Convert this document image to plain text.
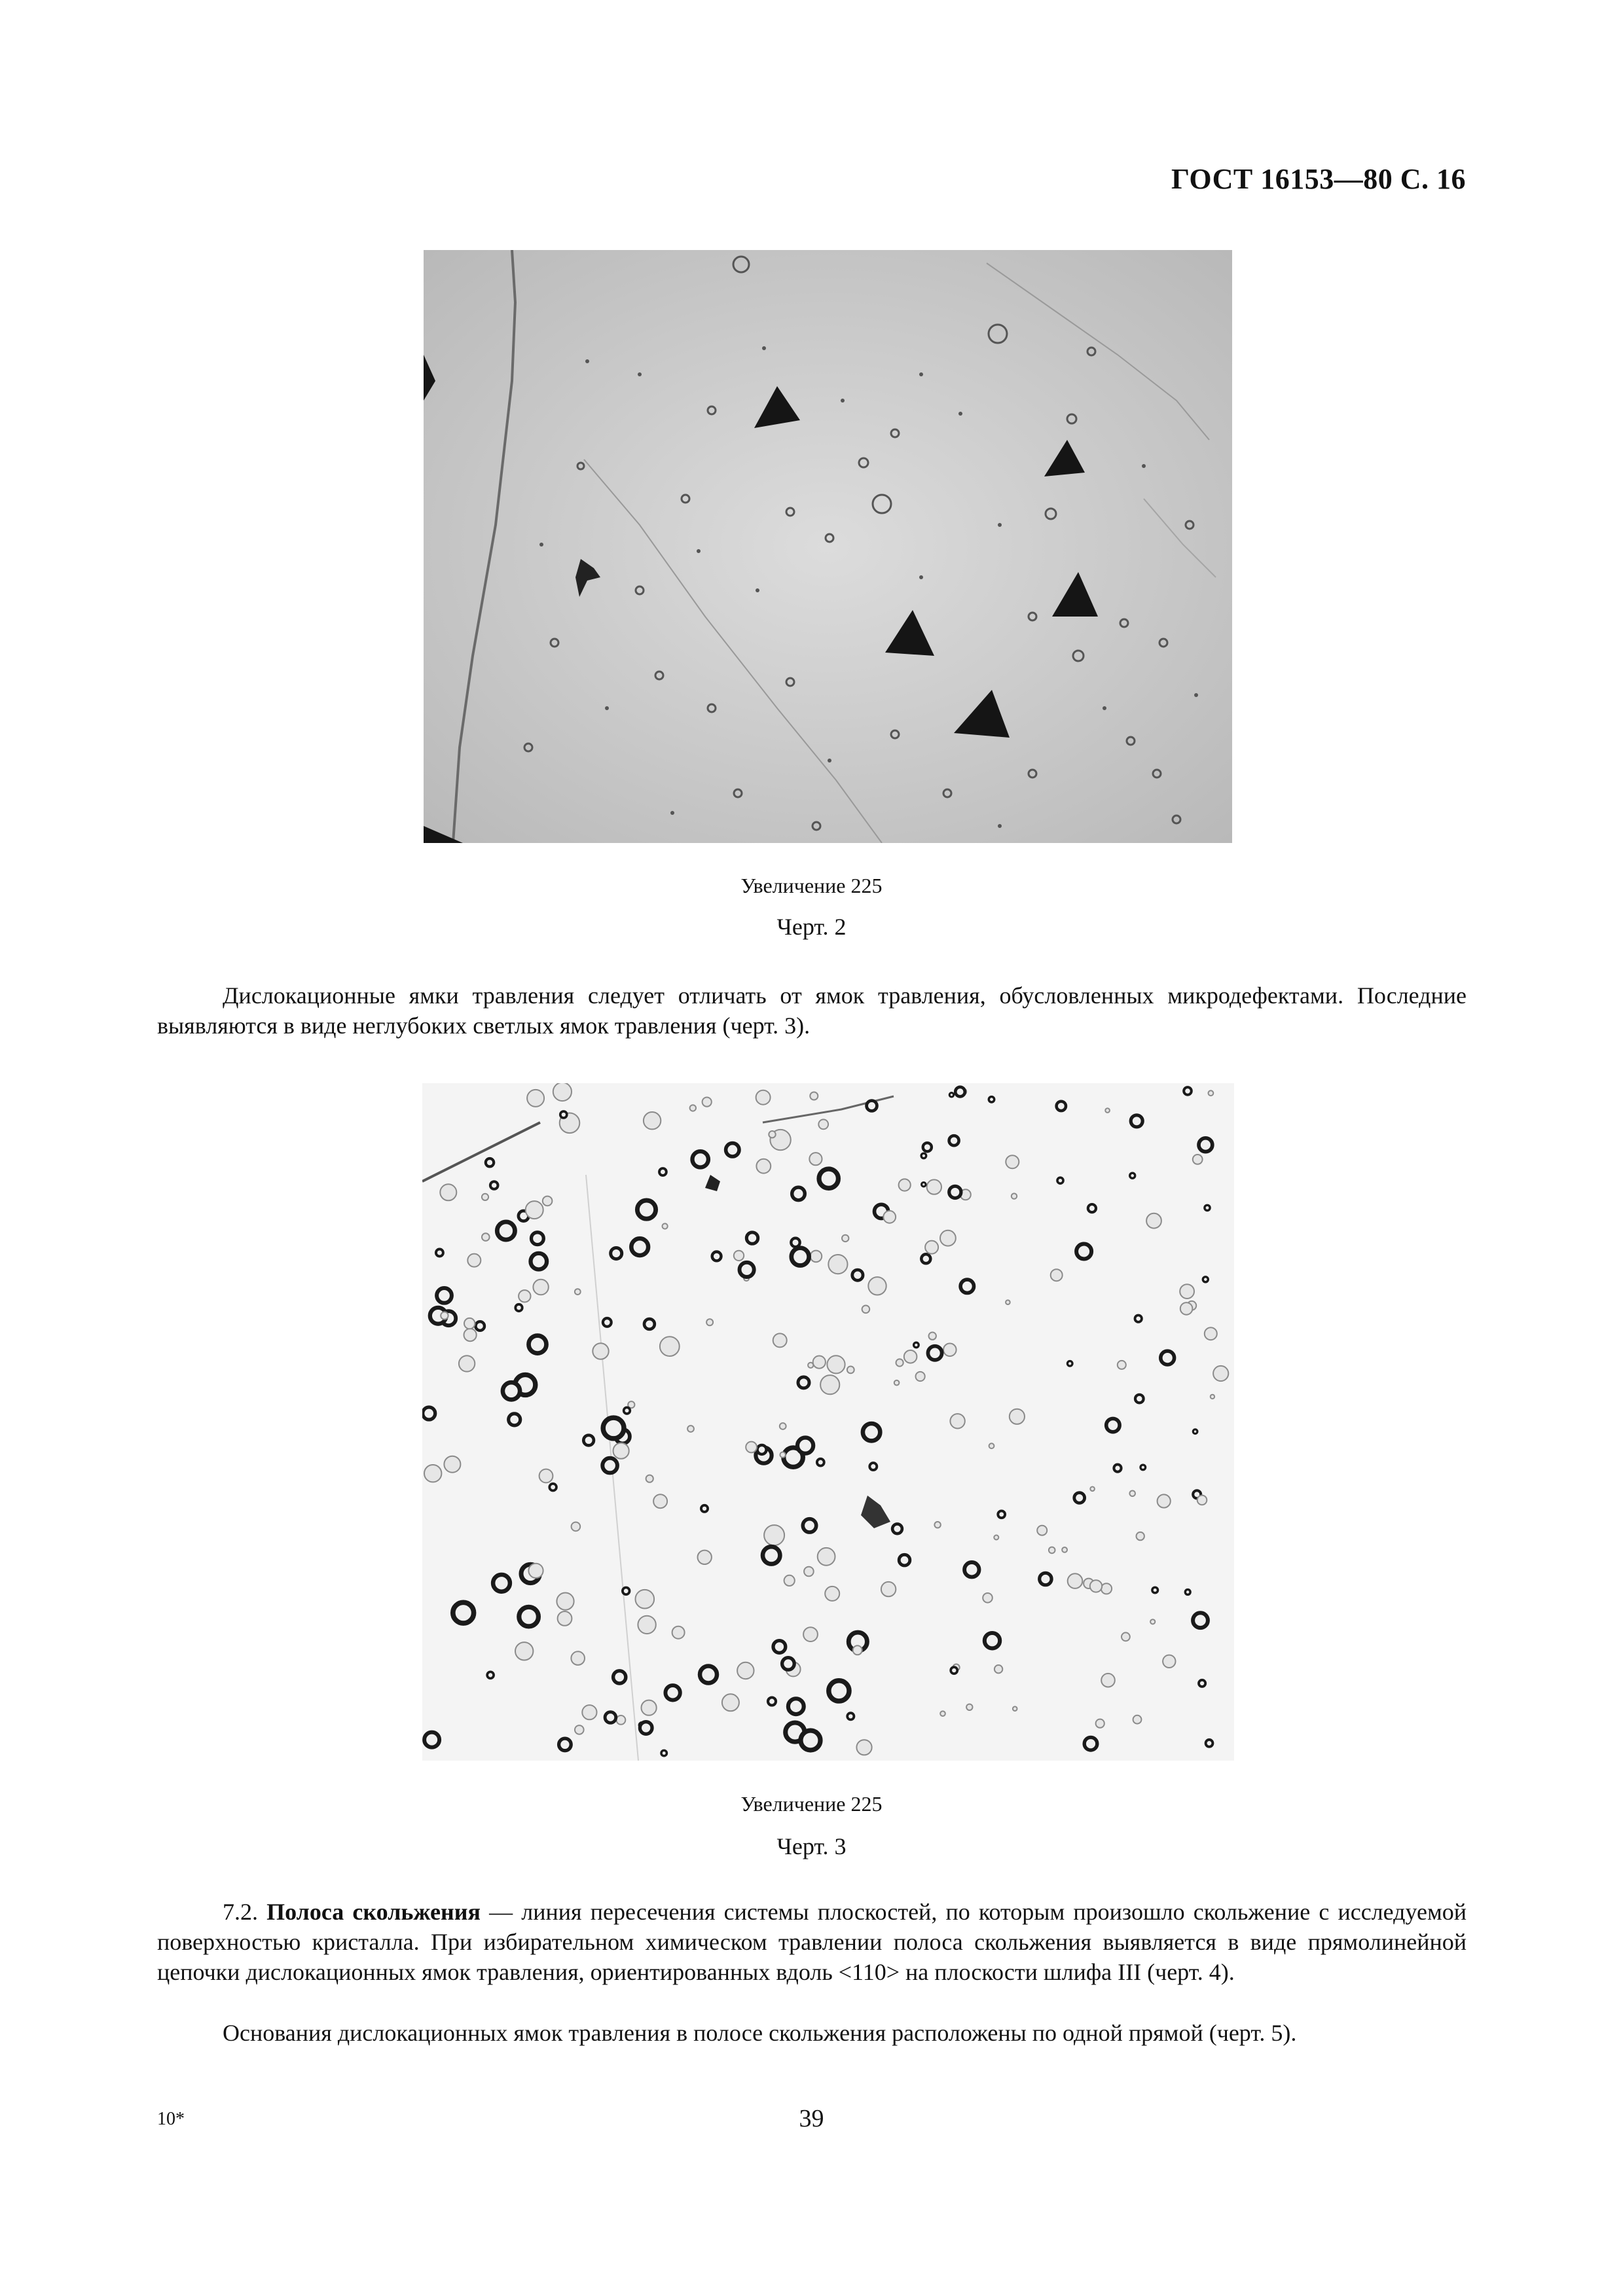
ГОСТ 16153—80 С. 16
Увеличение 225
Черт. 2

Дислокационные ямки травления следует отличать от ямок травления, обусловленных микродефектами. Последние выявляются в виде неглубоких светлых ямок травления (черт. 3).

Увеличение 225
Черт. 3

7.2. Полоса скольжения — линия пересечения системы плоскостей, по которым произошло скольжение с исследуемой поверхностью кристалла. При избирательном химическом травлении полоса скольжения выявляется в виде прямолинейной цепочки дислокационных ямок травления, ориентированных вдоль <110> на плоскости шлифа III (черт. 4).

Основания дислокационных ямок травления в полосе скольжения расположены по одной прямой (черт. 5).

10*	39
